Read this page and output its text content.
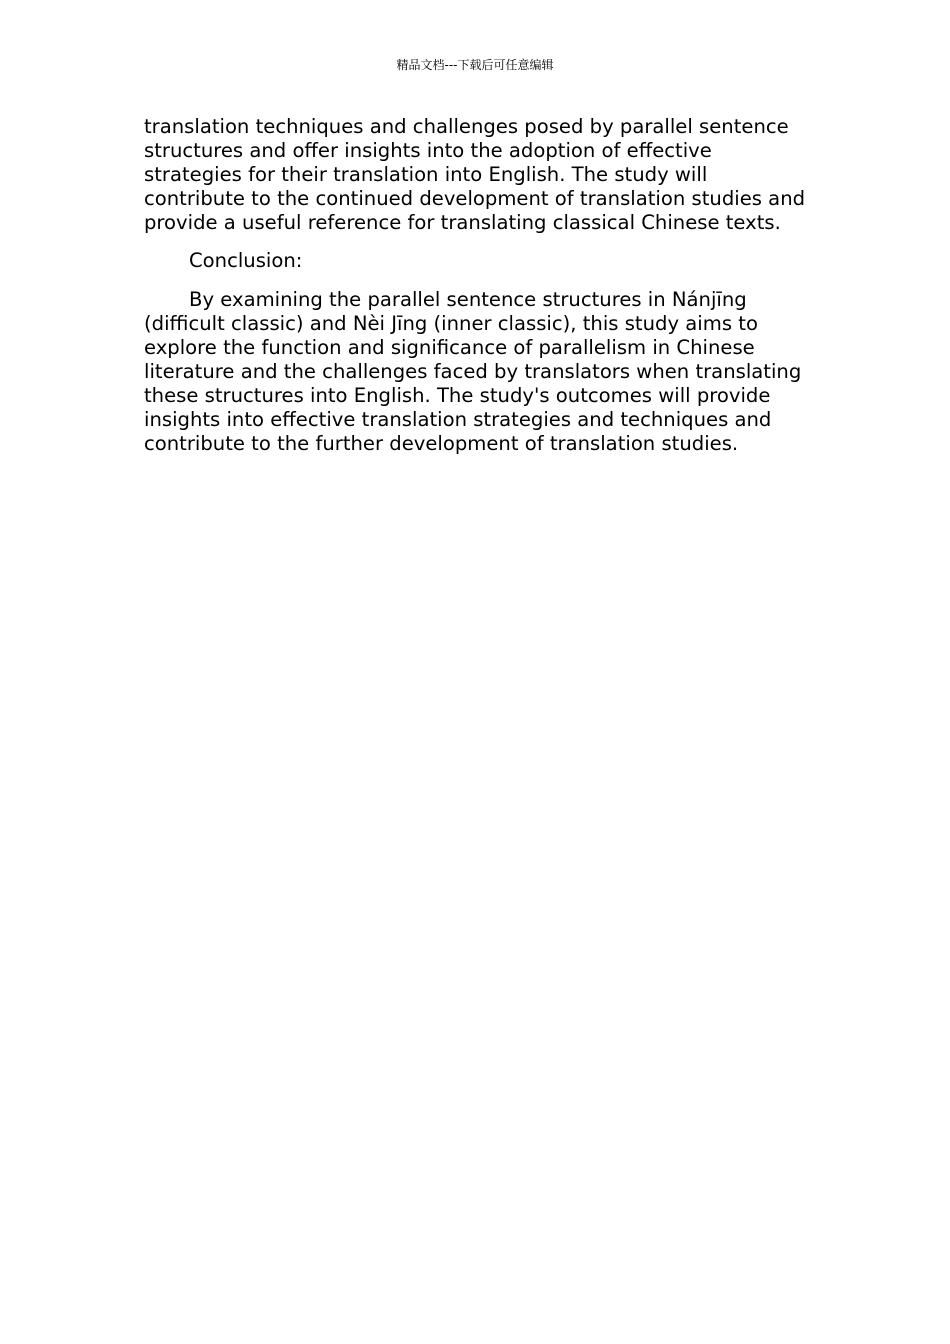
精品文档---下载后可任意编辑

translation techniques and challenges posed by parallel sentence structures and offer insights into the adoption of effective strategies for their translation into English. The study will contribute to the continued development of translation studies and provide a useful reference for translating classical Chinese texts.

Conclusion:

By examining the parallel sentence structures in Nánjīng (difficult classic) and Nèi Jīng (inner classic), this study aims to explore the function and significance of parallelism in Chinese literature and the challenges faced by translators when translating these structures into English. The study's outcomes will provide insights into effective translation strategies and techniques and contribute to the further development of translation studies.
